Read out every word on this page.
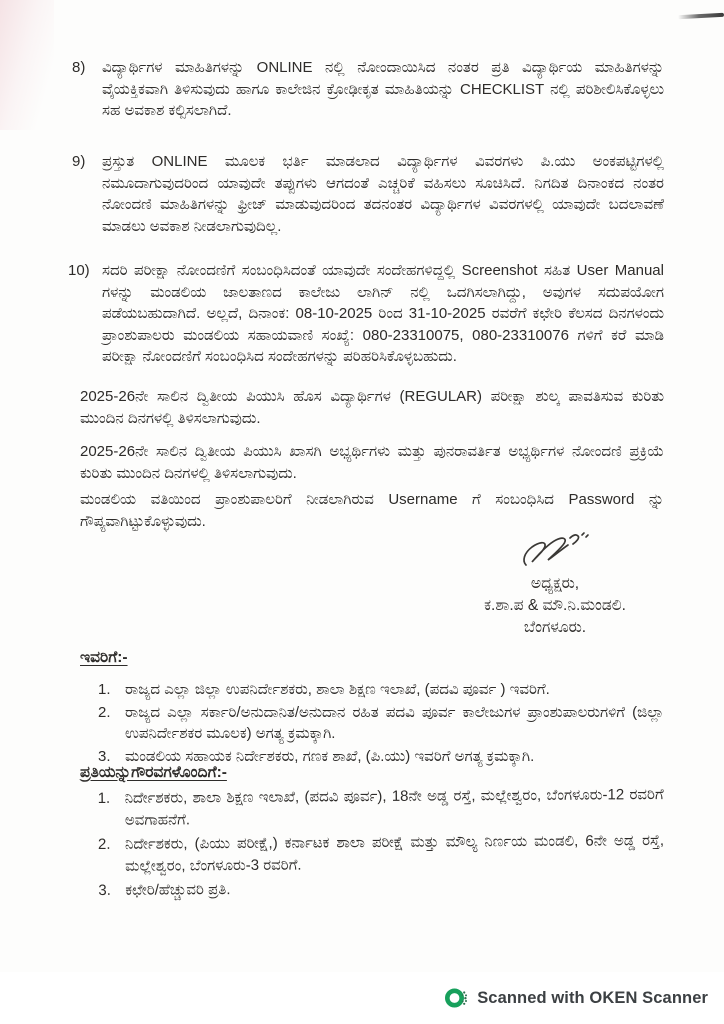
8)	ವಿದ್ಯಾರ್ಥಿಗಳ ಮಾಹಿತಿಗಳನ್ನು ONLINE ನಲ್ಲಿ ನೋಂದಾಯಿಸಿದ ನಂತರ ಪ್ರತಿ ವಿದ್ಯಾರ್ಥಿಯ ಮಾಹಿತಿಗಳನ್ನು ವೈಯಕ್ತಿಕವಾಗಿ ತಿಳಿಸುವುದು ಹಾಗೂ ಕಾಲೇಜಿನ ಕ್ರೋಢೀಕೃತ ಮಾಹಿತಿಯನ್ನು CHECKLIST ನಲ್ಲಿ ಪರಿಶೀಲಿಸಿಕೊಳ್ಳಲು ಸಹ ಅವಕಾಶ ಕಲ್ಪಿಸಲಾಗಿದೆ.
9)	ಪ್ರಸ್ತುತ ONLINE ಮೂಲಕ ಭರ್ತಿ ಮಾಡಲಾದ ವಿದ್ಯಾರ್ಥಿಗಳ ವಿವರಗಳು ಪಿ.ಯು ಅಂಕಪಟ್ಟಿಗಳಲ್ಲಿ ನಮೂದಾಗುವುದರಿಂದ ಯಾವುದೇ ತಪ್ಪುಗಳು ಆಗದಂತೆ ಎಚ್ಚರಿಕೆ ವಹಿಸಲು ಸೂಚಿಸಿದೆ. ನಿಗದಿತ ದಿನಾಂಕದ ನಂತರ ನೋಂದಣಿ ಮಾಹಿತಿಗಳನ್ನು ಫ್ರೀಜ್ ಮಾಡುವುದರಿಂದ ತದನಂತರ ವಿದ್ಯಾರ್ಥಿಗಳ ವಿವರಗಳಲ್ಲಿ ಯಾವುದೇ ಬದಲಾವಣೆ ಮಾಡಲು ಅವಕಾಶ ನೀಡಲಾಗುವುದಿಲ್ಲ.
10) ಸದರಿ ಪರೀಕ್ಷಾ ನೋಂದಣಿಗೆ ಸಂಬಂಧಿಸಿದಂತೆ ಯಾವುದೇ ಸಂದೇಹಗಳಿದ್ದಲ್ಲಿ Screenshot ಸಹಿತ User Manual ಗಳನ್ನು ಮಂಡಲಿಯ ಜಾಲತಾಣದ ಕಾಲೇಜು ಲಾಗಿನ್ ನಲ್ಲಿ ಒದಗಿಸಲಾಗಿದ್ದು, ಅವುಗಳ ಸದುಪಯೋಗ ಪಡೆಯಬಹುದಾಗಿದೆ. ಅಲ್ಲದೆ, ದಿನಾಂಕ: 08-10-2025 ರಿಂದ 31-10-2025 ರವರೆಗೆ ಕಛೇರಿ ಕೆಲಸದ ದಿನಗಳಂದು ಪ್ರಾಂಶುಪಾಲರು ಮಂಡಲಿಯ ಸಹಾಯವಾಣಿ ಸಂಖ್ಯೆ: 080-23310075, 080-23310076 ಗಳಿಗೆ ಕರೆ ಮಾಡಿ ಪರೀಕ್ಷಾ ನೋಂದಣಿಗೆ ಸಂಬಂಧಿಸಿದ ಸಂದೇಹಗಳನ್ನು ಪರಿಹರಿಸಿಕೊಳ್ಳಬಹುದು.
2025-26ನೇ ಸಾಲಿನ ದ್ವಿತೀಯ ಪಿಯುಸಿ ಹೊಸ ವಿದ್ಯಾರ್ಥಿಗಳ (REGULAR) ಪರೀಕ್ಷಾ ಶುಲ್ಕ ಪಾವತಿಸುವ ಕುರಿತು ಮುಂದಿನ ದಿನಗಳಲ್ಲಿ ತಿಳಿಸಲಾಗುವುದು.
2025-26ನೇ ಸಾಲಿನ ದ್ವಿತೀಯ ಪಿಯುಸಿ ಖಾಸಗಿ ಅಭ್ಯರ್ಥಿಗಳು ಮತ್ತು ಪುನರಾವರ್ತಿತ ಅಭ್ಯರ್ಥಿಗಳ ನೋಂದಣಿ ಪ್ರಕ್ರಿಯೆ ಕುರಿತು ಮುಂದಿನ ದಿನಗಳಲ್ಲಿ ತಿಳಿಸಲಾಗುವುದು.
ಮಂಡಲಿಯ ವತಿಯಿಂದ ಪ್ರಾಂಶುಪಾಲರಿಗೆ ನೀಡಲಾಗಿರುವ Username ಗೆ ಸಂಬಂಧಿಸಿದ Password ನ್ನು ಗೌಪ್ಯವಾಗಿಟ್ಟುಕೊಳ್ಳುವುದು.
ಅಧ್ಯಕ್ಷರು,
ಕ.ಶಾ.ಪ & ಮೌ.ನಿ.ಮಂಡಲಿ.
ಬೆಂಗಳೂರು.
ಇವರಿಗೆ:-
1. ರಾಜ್ಯದ ಎಲ್ಲಾ ಜಿಲ್ಲಾ ಉಪನಿರ್ದೇಶಕರು, ಶಾಲಾ ಶಿಕ್ಷಣ ಇಲಾಖೆ, (ಪದವಿ ಪೂರ್ವ ) ಇವರಿಗೆ.
2. ರಾಜ್ಯದ ಎಲ್ಲಾ ಸರ್ಕಾರಿ/ಅನುದಾನಿತ/ಅನುದಾನ ರಹಿತ ಪದವಿ ಪೂರ್ವ ಕಾಲೇಜುಗಳ ಪ್ರಾಂಶುಪಾಲರುಗಳಿಗೆ (ಜಿಲ್ಲಾ ಉಪನಿರ್ದೇಶಕರ ಮೂಲಕ) ಅಗತ್ಯ ಕ್ರಮಕ್ಕಾಗಿ.
3. ಮಂಡಲಿಯ ಸಹಾಯಕ ನಿರ್ದೇಶಕರು, ಗಣಕ ಶಾಖೆ, (ಪಿ.ಯು) ಇವರಿಗೆ ಅಗತ್ಯ ಕ್ರಮಕ್ಕಾಗಿ.
ಪ್ರತಿಯನ್ನುಗೌರವಗಳೊಂದಿಗೆ:-
1. ನಿರ್ದೇಶಕರು, ಶಾಲಾ ಶಿಕ್ಷಣ ಇಲಾಖೆ, (ಪದವಿ ಪೂರ್ವ), 18ನೇ ಅಡ್ಡ ರಸ್ತೆ, ಮಲ್ಲೇಶ್ವರಂ, ಬೆಂಗಳೂರು-12 ರವರಿಗೆ ಅವಗಾಹನೆಗೆ.
2. ನಿರ್ದೇಶಕರು, (ಪಿಯು ಪರೀಕ್ಷೆ,) ಕರ್ನಾಟಕ ಶಾಲಾ ಪರೀಕ್ಷೆ ಮತ್ತು ಮೌಲ್ಯ ನಿರ್ಣಯ ಮಂಡಲಿ, 6ನೇ ಅಡ್ಡ ರಸ್ತೆ, ಮಲ್ಲೇಶ್ವರಂ, ಬೆಂಗಳೂರು-3 ರವರಿಗೆ.
3. ಕಛೇರಿ/ಹೆಚ್ಚುವರಿ ಪ್ರತಿ.
Scanned with OKEN Scanner
